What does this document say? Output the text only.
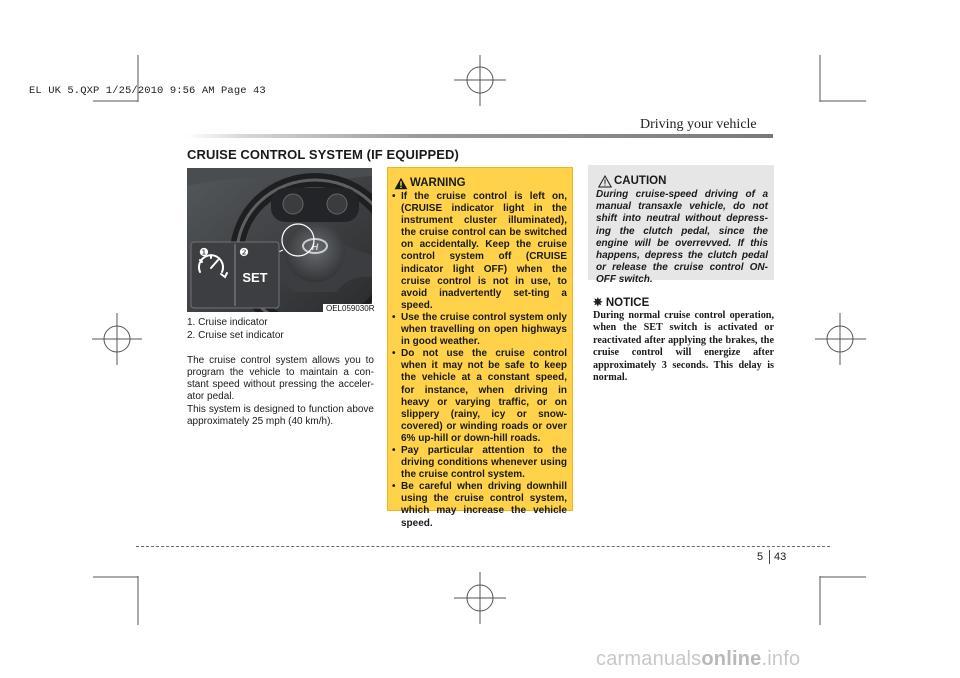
EL UK 5.QXP 1/25/2010 9:56 AM Page 43
Driving your vehicle
CRUISE CONTROL SYSTEM (IF EQUIPPED)
H
SET
❶	❷
OEL059030R
1. Cruise indicator
2. Cruise set indicator
The cruise control system allows you to program the vehicle to maintain a con-stant speed without pressing the acceler-ator pedal.
This system is designed to function above approximately 25 mph (40 km/h).
WARNING
• If the cruise control is left on, (CRUISE indicator light in the instrument cluster illuminated), the cruise control can be switched on accidentally. Keep the cruise control system off (CRUISE indicator light OFF) when the cruise control is not in use, to avoid inadvertently set-ting a speed.
• Use the cruise control system only when travelling on open highways in good weather.
• Do not use the cruise control when it may not be safe to keep the vehicle at a constant speed, for instance, when driving in heavy or varying traffic, or on slippery (rainy, icy or snow-covered) or winding roads or over 6% up-hill or down-hill roads.
• Pay particular attention to the driving conditions whenever using the cruise control system.
• Be careful when driving downhill using the cruise control system, which may increase the vehicle speed.
CAUTION
During cruise-speed driving of a manual transaxle vehicle, do not shift into neutral without depress-ing the clutch pedal, since the engine will be overrevved. If this happens, depress the clutch pedal or release the cruise control ON-OFF switch.
✵ NOTICE
During normal cruise control operation, when the SET switch is activated or reactivated after applying the brakes, the cruise control will energize after approximately 3 seconds. This delay is normal.
5 43
carmanualsonline.info
